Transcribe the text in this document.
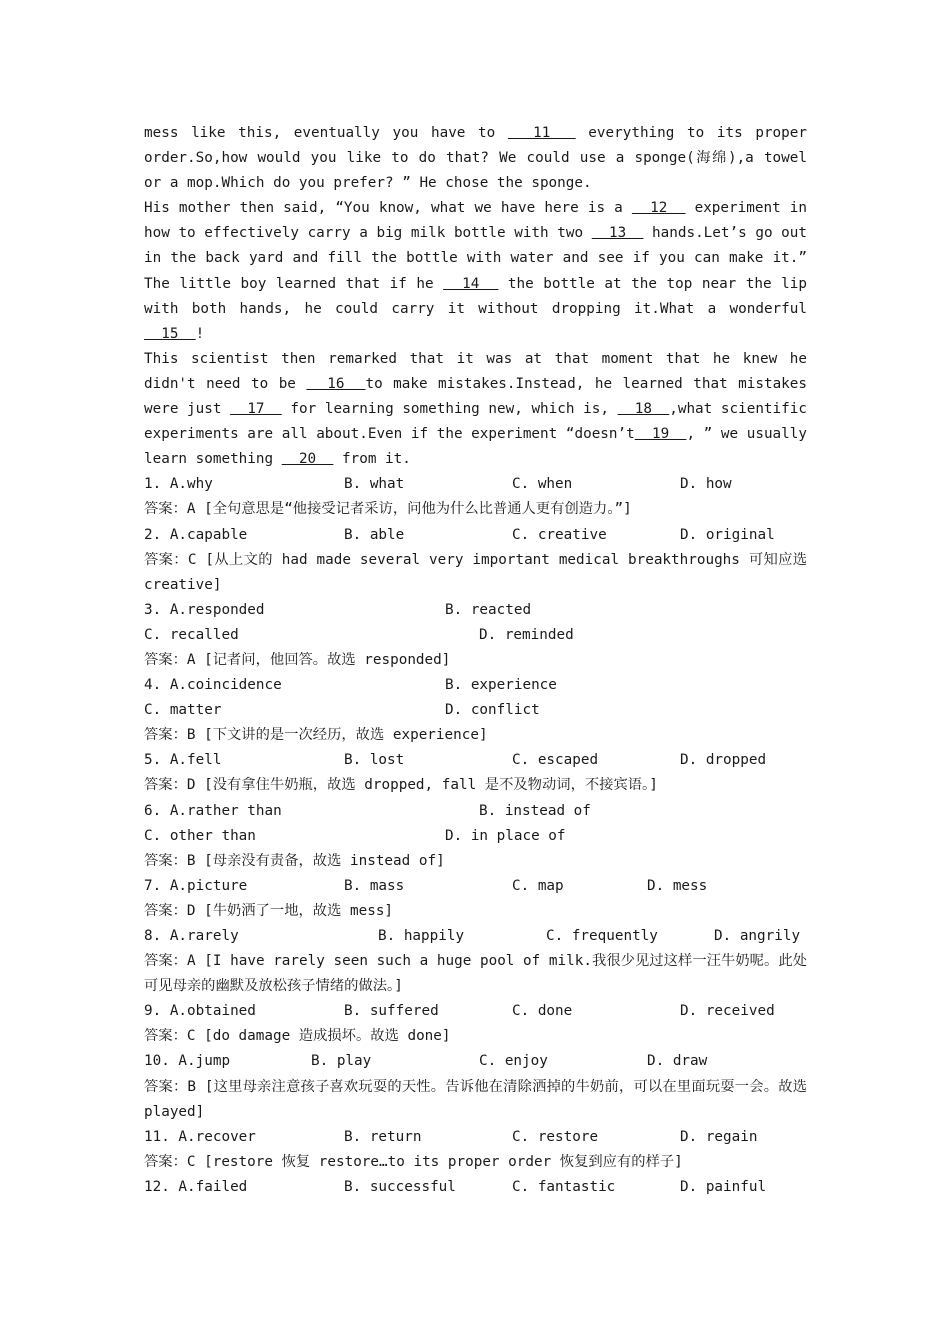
mess like this, eventually you have to   11   everything to its proper order.So,how would you like to do that? We could use a sponge(海绵),a towel or a mop.Which do you prefer? ” He chose the sponge.

His mother then said, “You know, what we have here is a   12   experiment in how to effectively carry a big milk bottle with two   13   hands.Let’s go out in the back yard and fill the bottle with water and see if you can make it.” The little boy learned that if he   14   the bottle at the top near the lip with both hands, he could carry it without dropping it.What a wonderful   15  !

This scientist then remarked that it was at that moment that he knew he didn't need to be   16  to make mistakes.Instead, he learned that mistakes were just   17   for learning something new, which is,   18  ,what scientific experiments are all about.Even if the experiment “doesn’t  19  , ” we usually learn something   20   from it.

1. A.why	B. what	C. when	D. how

答案：A [全句意思是“他接受记者采访，问他为什么比普通人更有创造力。”]

2. A.capable	B. able	C. creative	D. original

答案：C [从上文的 had made several very important medical breakthroughs 可知应选 creative]

3. A.responded	B. reacted
C. recalled	D. reminded

答案：A [记者问，他回答。故选 responded]

4. A.coincidence	B. experience
C. matter	D. conflict

答案：B [下文讲的是一次经历，故选 experience]

5. A.fell	B. lost	C. escaped	D. dropped

答案：D [没有拿住牛奶瓶，故选 dropped, fall 是不及物动词，不接宾语。]

6. A.rather than	B. instead of
C. other than	D. in place of

答案：B [母亲没有责备，故选 instead of]

7. A.picture	B. mass	C. map	D. mess

答案：D [牛奶洒了一地，故选 mess]

8. A.rarely	B. happily	C. frequently	D. angrily

答案：A [I have rarely seen such a huge pool of milk.我很少见过这样一汪牛奶呢。此处可见母亲的幽默及放松孩子情绪的做法。]

9. A.obtained	B. suffered	C. done	D. received

答案：C [do damage 造成损坏。故选 done]

10. A.jump	B. play	C. enjoy	D. draw

答案：B [这里母亲注意孩子喜欢玩耍的天性。告诉他在清除洒掉的牛奶前，可以在里面玩耍一会。故选 played]

11. A.recover	B. return	C. restore	D. regain

答案：C [restore 恢复 restore…to its proper order 恢复到应有的样子]

12. A.failed	B. successful	C. fantastic	D. painful
